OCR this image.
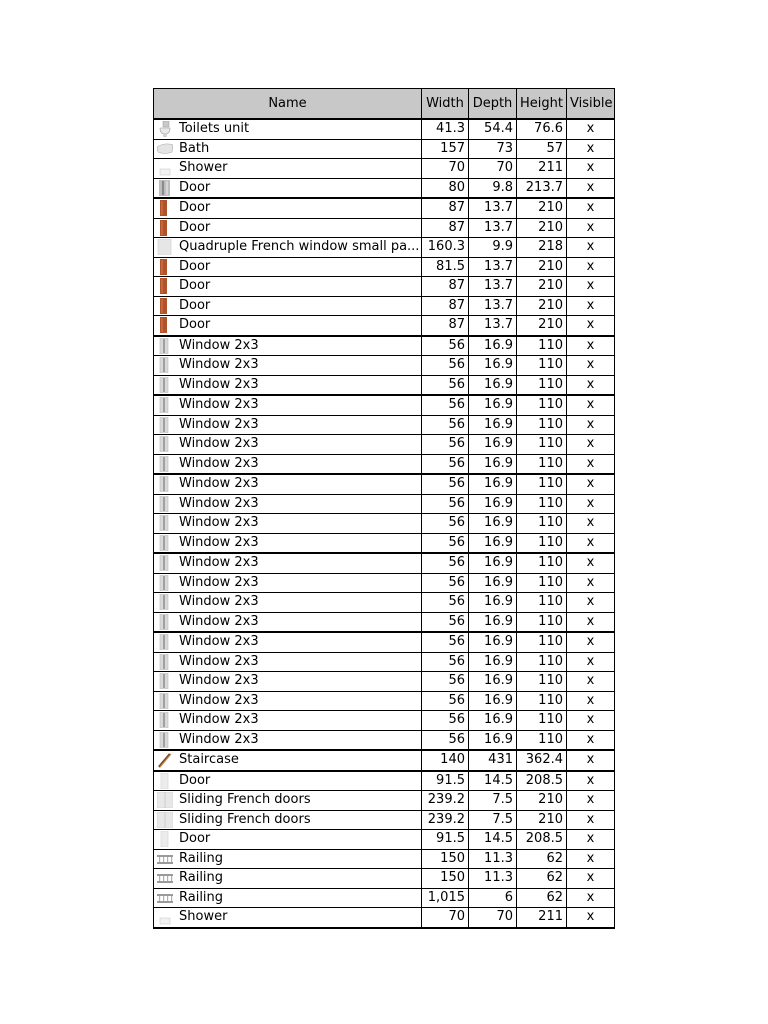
Name	Width	Depth	Height	Visible

Toilets unit	41.3	54.4	76.6	x

Bath	157	73	57	x

Shower	70	70	211	x

Door	80	9.8	213.7	x

Door	87	13.7	210	x

Door	87	13.7	210	x

Quadruple French window small pa...	160.3	9.9	218	x

Door	81.5	13.7	210	x

Door	87	13.7	210	x

Door	87	13.7	210	x

Door	87	13.7	210	x

Window 2x3	56	16.9	110	x

Window 2x3	56	16.9	110	x

Window 2x3	56	16.9	110	x

Window 2x3	56	16.9	110	x

Window 2x3	56	16.9	110	x

Window 2x3	56	16.9	110	x

Window 2x3	56	16.9	110	x

Window 2x3	56	16.9	110	x

Window 2x3	56	16.9	110	x

Window 2x3	56	16.9	110	x

Window 2x3	56	16.9	110	x

Window 2x3	56	16.9	110	x

Window 2x3	56	16.9	110	x

Window 2x3	56	16.9	110	x

Window 2x3	56	16.9	110	x

Window 2x3	56	16.9	110	x

Window 2x3	56	16.9	110	x

Window 2x3	56	16.9	110	x

Window 2x3	56	16.9	110	x

Window 2x3	56	16.9	110	x

Window 2x3	56	16.9	110	x

Staircase	140	431	362.4	x

Door	91.5	14.5	208.5	x

Sliding French doors	239.2	7.5	210	x

Sliding French doors	239.2	7.5	210	x

Door	91.5	14.5	208.5	x

Railing	150	11.3	62	x

Railing	150	11.3	62	x

Railing	1,015	6	62	x

Shower	70	70	211	x
